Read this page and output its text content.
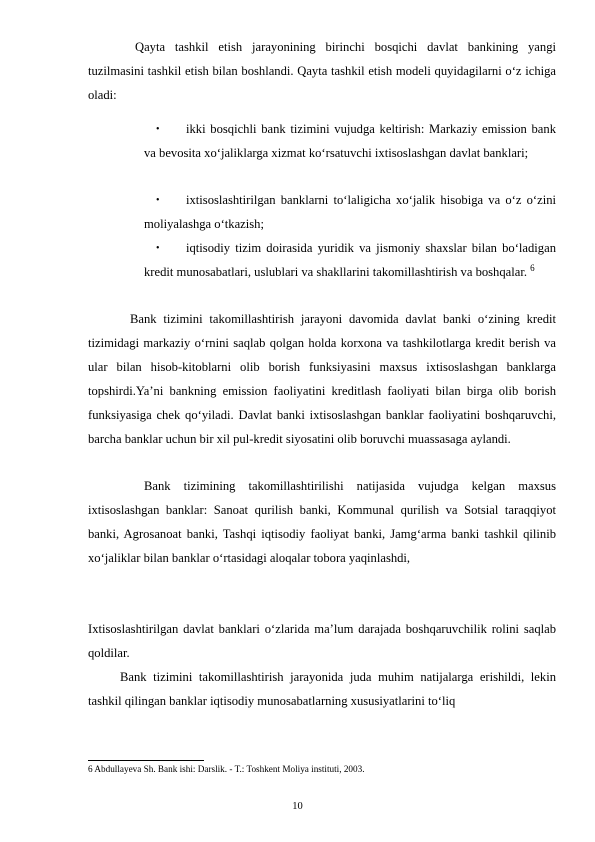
Qayta tashkil etish jarayonining birinchi bosqichi davlat bankining yangi tuzilmasini tashkil etish bilan boshlandi. Qayta tashkil etish modeli quyidagilarni o‘z ichiga oladi:
•	ikki bosqichli bank tizimini vujudga keltirish: Markaziy emission bank va bevosita xo‘jaliklarga xizmat ko‘rsatuvchi ixtisoslashgan davlat banklari;
•	ixtisoslashtirilgan banklarni to‘laligicha xo‘jalik hisobiga va o‘z o‘zini moliyalashga o‘tkazish;
•	iqtisodiy tizim doirasida yuridik va jismoniy shaxslar bilan bo‘ladigan kredit munosabatlari, uslublari va shakllarini takomillashtirish va boshqalar. $^6$
Bank tizimini takomillashtirish jarayoni davomida davlat banki o‘zining kredit tizimidagi markaziy o‘rnini saqlab qolgan holda korxona va tashkilotlarga kredit berish va ular bilan hisob-kitoblarni olib borish funksiyasini maxsus ixtisoslashgan banklarga topshirdi.Ya’ni bankning emission faoliyatini kreditlash faoliyati bilan birga olib borish funksiyasiga chek qo‘yiladi. Davlat banki ixtisoslashgan banklar faoliyatini boshqaruvchi, barcha banklar uchun bir xil pul-kredit siyosatini olib boruvchi muassasaga aylandi.
Bank tizimining takomillashtirilishi natijasida vujudga kelgan maxsus ixtisoslashgan banklar: Sanoat qurilish banki, Kommunal qurilish va Sotsial taraqqiyot banki, Agrosanoat banki, Tashqi iqtisodiy faoliyat banki, Jamg‘arma banki tashkil qilinib xo‘jaliklar bilan banklar o‘rtasidagi aloqalar tobora yaqinlashdi,
Ixtisoslashtirilgan davlat banklari o‘zlarida ma’lum darajada boshqaruvchilik rolini saqlab qoldilar.
Bank tizimini takomillashtirish jarayonida juda muhim natijalarga erishildi, lekin tashkil qilingan banklar iqtisodiy munosabatlarning xususiyatlarini to‘liq
6 Abdullayeva Sh. Bank ishi: Darslik. - T.: Toshkent Moliya instituti, 2003.
10
